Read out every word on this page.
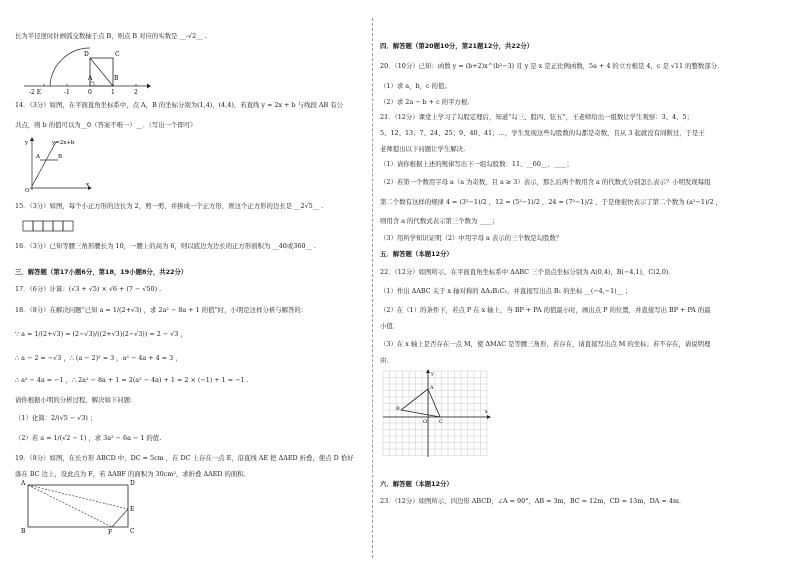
长为半径逆时针画弧交数轴于点 B，则点 B 对应的实数是 __-√2__ .
D	C
-2 E
A	B
-1	0	1	2
14．（3分）如图，在平面直角坐标系中，点 A，B 的坐标分别为(1,4)，(4,4)，若直线 y = 2x + b 与线段 AB 有公
共点，则 b 的值可以为__0（答案不唯一）__．（写出一个即可）
y=2x+b
A	B
O
x
y
15．（3分）如图，每个小正方形的边长为 2，剪一剪，并拼成一个正方形，则这个正方形的边长是 __2√5__ .
16．（3分）已知等腰三角形腰长为 10，一腰上的高为 6，则以底边为边长的正方形面积为 __40或360__ .
三．解答题（第17小题6分，第18，19小题8分，共22分）
17．（6分）计算：(√3 + √5) × √6 + (7 − √50) .
18．（8分）在解决问题“已知 a = 1/(2+√3) ，求 2a² − 8a + 1 的值”时，小明是这样分析与解答的：
∵ a = 1/(2+√3) = (2−√3)/((2+√3)(2−√3)) = 2 − √3 ，
∴ a − 2 = −√3 ，∴ (a − 2)² = 3 ，a² − 4a + 4 = 3 ，
∴ a² − 4a = −1 ，∴ 2a² − 8a + 1 = 2(a² − 4a) + 1 = 2 × (−1) + 1 = −1 .
请你根据小明的分析过程，解决如下问题：
（1）化简：2/(√5 − √3) ；
（2）若 a = 1/(√2 − 1) ，求 3a² − 6a − 1 的值.
19．（8分）如图，在长方形 ABCD 中，DC = 5cm ，在 DC 上存在一点 E，沿直线 AE 把 ΔAED 折叠，使点 D 恰好
落在 BC 边上，设此点为 F，若 ΔABF 的面积为 30cm²，求折叠 ΔAED 的面积.
A
B	C
D
E
F
四．解答题（第20题10分，第21题12分，共22分）
20．（10分）已知：函数 y = (b+2)x^(b²−3) 且 y 是 x 是正比例函数，5a + 4 的立方根是 4，c 是 √11 的整数部分.
（1）求 a，b，c 的值；
（2）求 2a − b + c 的平方根.
21．（12分）课堂上学习了勾股定理后，知道“勾三、股四、弦五”，王老师给出一组数让学生观察：3、4、5；
5、12、13；7、24、25；9、40、41；…，学生发现这些勾股数的勾都是奇数，且从 3 起就没有间断过，于是王
老师提出以下问题让学生解决.
（1）请你根据上述的规律写出下一组勾股数：11、__60__、____；
（2）若第一个数用字母 a（a 为奇数，且 a ≥ 3）表示，那么后两个数用含 a 的代数式分别怎么表示？小明发现每组
第二个数有这样的规律 4 = (3²−1)/2 ，12 = (5²−1)/2 ，24 = (7²−1)/2 ，于是他很快表示了第二个数为 (a²−1)/2 ，
则用含 a 的代数式表示第三个数为 ____；
（3）用所学知识证明（2）中用字母 a 表示的三个数是勾股数？
五．解答题（本题12分）
22．（12分）如图所示，在平面直角坐标系中 ΔABC 三个顶点坐标分别为 A(0,4)，B(−4,1)，C(2,0)．
（1）作出 ΔABC 关于 x 轴对称的 ΔA₁B₁C₁，并直接写出点 B₁ 的坐标 __(−4,−1)__ ；
（2）在（1）的条件下，若点 P 在 x 轴上，当 BP + PA 的值最小时，画出点 P 的位置，并直接写出 BP + PA 的最
小值．
（3）在 x 轴上是否存在一点 M，使 ΔMAC 是等腰三角形，若存在，请直接写出点 M 的坐标；若不存在，请说明理
由．
A
B
C
O
x
y
六．解答题（本题12分）
23．（12分）如图所示，四边形 ABCD，∠A = 90°，AB = 3m，BC = 12m，CD = 13m，DA = 4m．
